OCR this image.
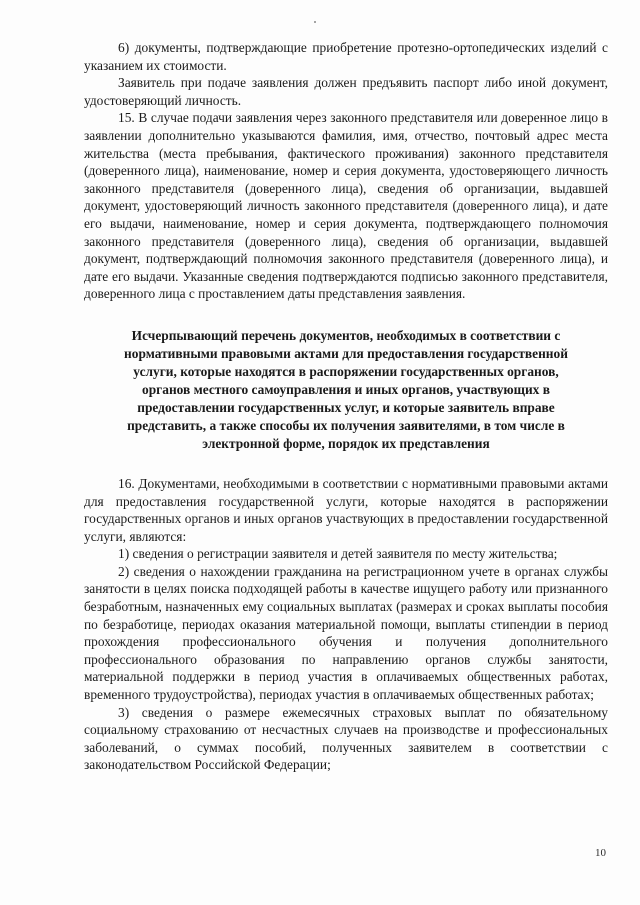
6) документы, подтверждающие приобретение протезно-ортопедических изделий с указанием их стоимости.

Заявитель при подаче заявления должен предъявить паспорт либо иной документ, удостоверяющий личность.

15. В случае подачи заявления через законного представителя или доверенное лицо в заявлении дополнительно указываются фамилия, имя, отчество, почтовый адрес места жительства (места пребывания, фактического проживания) законного представителя (доверенного лица), наименование, номер и серия документа, удостоверяющего личность законного представителя (доверенного лица), сведения об организации, выдавшей документ, удостоверяющий личность законного представителя (доверенного лица), и дате его выдачи, наименование, номер и серия документа, подтверждающего полномочия законного представителя (доверенного лица), сведения об организации, выдавшей документ, подтверждающий полномочия законного представителя (доверенного лица), и дате его выдачи. Указанные сведения подтверждаются подписью законного представителя, доверенного лица с проставлением даты представления заявления.

Исчерпывающий перечень документов, необходимых в соответствии с
нормативными правовыми актами для предоставления государственной
услуги, которые находятся в распоряжении государственных органов,
органов местного самоуправления и иных органов, участвующих в
предоставлении государственных услуг, и которые заявитель вправе
представить, а также способы их получения заявителями, в том числе в
электронной форме, порядок их представления

16. Документами, необходимыми в соответствии с нормативными правовыми актами для предоставления государственной услуги, которые находятся в распоряжении государственных органов и иных органов участвующих в предоставлении государственной услуги, являются:

1) сведения о регистрации заявителя и детей заявителя по месту жительства;

2) сведения о нахождении гражданина на регистрационном учете в органах службы занятости в целях поиска подходящей работы в качестве ищущего работу или признанного безработным, назначенных ему социальных выплатах (размерах и сроках выплаты пособия по безработице, периодах оказания материальной помощи, выплаты стипендии в период прохождения профессионального обучения и получения дополнительного профессионального образования по направлению органов службы занятости, материальной поддержки в период участия в оплачиваемых общественных работах, временного трудоустройства), периодах участия в оплачиваемых общественных работах;

3) сведения о размере ежемесячных страховых выплат по обязательному социальному страхованию от несчастных случаев на производстве и профессиональных заболеваний, о суммах пособий, полученных заявителем в соответствии с законодательством Российской Федерации;

10
